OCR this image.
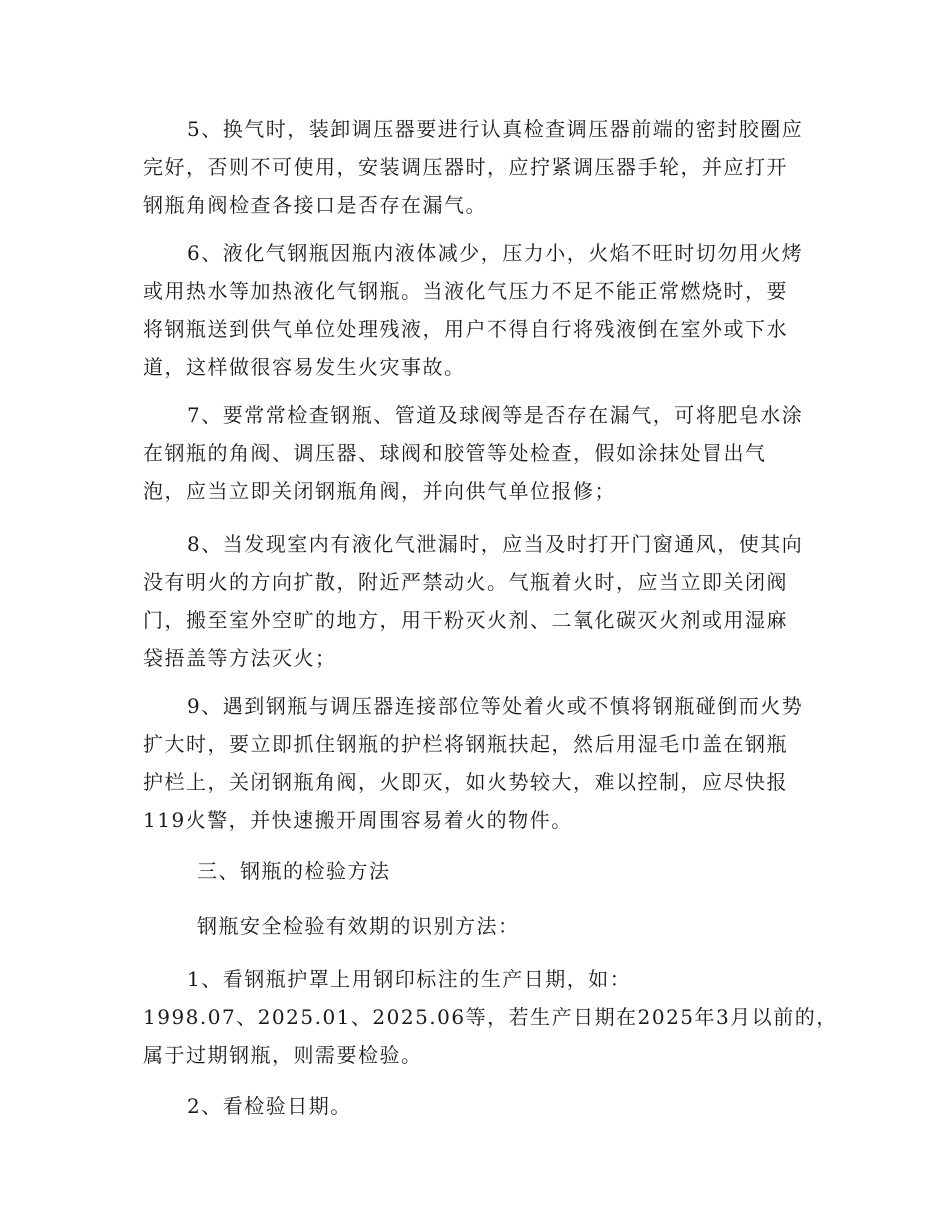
5、换气时，装卸调压器要进行认真检查调压器前端的密封胶圈应
完好，否则不可使用，安装调压器时，应拧紧调压器手轮，并应打开
钢瓶角阀检查各接口是否存在漏气。
6、液化气钢瓶因瓶内液体减少，压力小，火焰不旺时切勿用火烤
或用热水等加热液化气钢瓶。当液化气压力不足不能正常燃烧时，要
将钢瓶送到供气单位处理残液，用户不得自行将残液倒在室外或下水
道，这样做很容易发生火灾事故。
7、要常常检查钢瓶、管道及球阀等是否存在漏气，可将肥皂水涂
在钢瓶的角阀、调压器、球阀和胶管等处检查，假如涂抹处冒出气
泡，应当立即关闭钢瓶角阀，并向供气单位报修；
8、当发现室内有液化气泄漏时，应当及时打开门窗通风，使其向
没有明火的方向扩散，附近严禁动火。气瓶着火时，应当立即关闭阀
门，搬至室外空旷的地方，用干粉灭火剂、二氧化碳灭火剂或用湿麻
袋捂盖等方法灭火；
9、遇到钢瓶与调压器连接部位等处着火或不慎将钢瓶碰倒而火势
扩大时，要立即抓住钢瓶的护栏将钢瓶扶起，然后用湿毛巾盖在钢瓶
护栏上，关闭钢瓶角阀，火即灭，如火势较大，难以控制，应尽快报
119火警，并快速搬开周围容易着火的物件。
三、钢瓶的检验方法
钢瓶安全检验有效期的识别方法：
1、看钢瓶护罩上用钢印标注的生产日期，如：
1998.07、2025.01、2025.06等，若生产日期在2025年3月以前的，
属于过期钢瓶，则需要检验。
2、看检验日期。
